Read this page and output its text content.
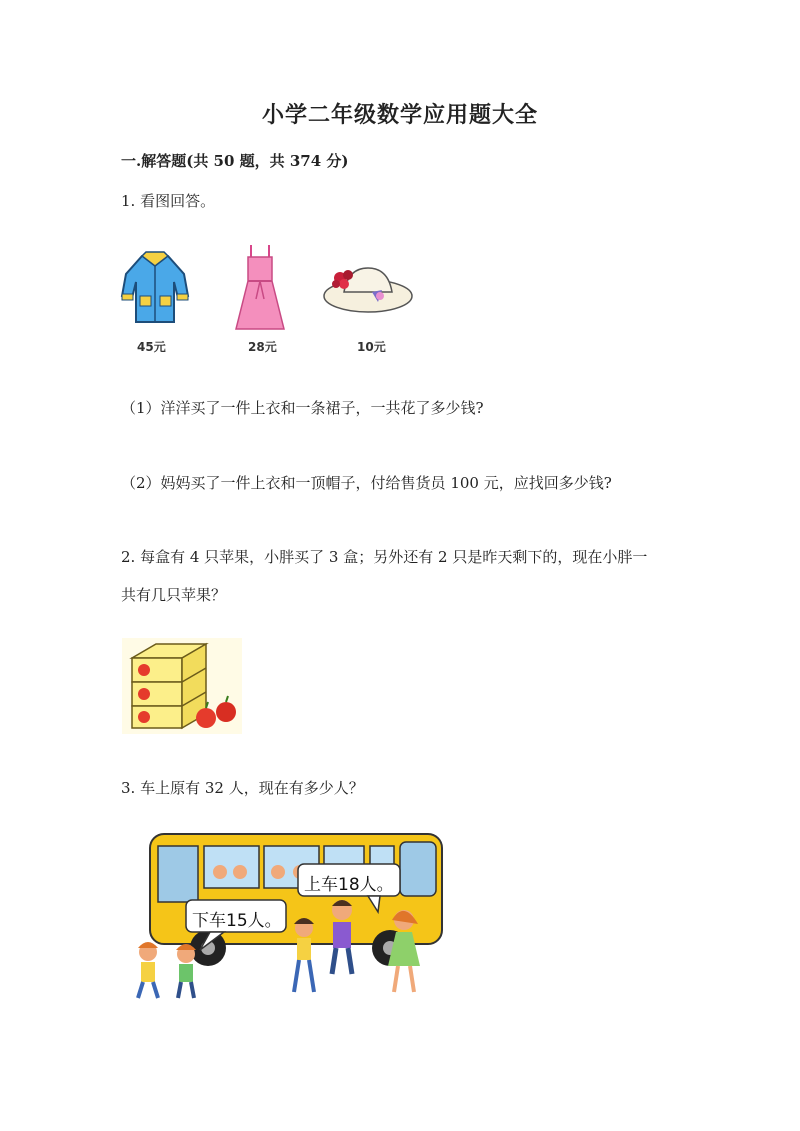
小学二年级数学应用题大全
一.解答题(共 50 题，共 374 分)
1. 看图回答。
45元	28元	10元
（1）洋洋买了一件上衣和一条裙子，一共花了多少钱?
（2）妈妈买了一件上衣和一顶帽子，付给售货员 100 元，应找回多少钱?
2. 每盒有 4 只苹果，小胖买了 3 盒；另外还有 2 只是昨天剩下的，现在小胖一
共有几只苹果？
3. 车上原有 32 人，现在有多少人？
上车18人。
下车15人。
